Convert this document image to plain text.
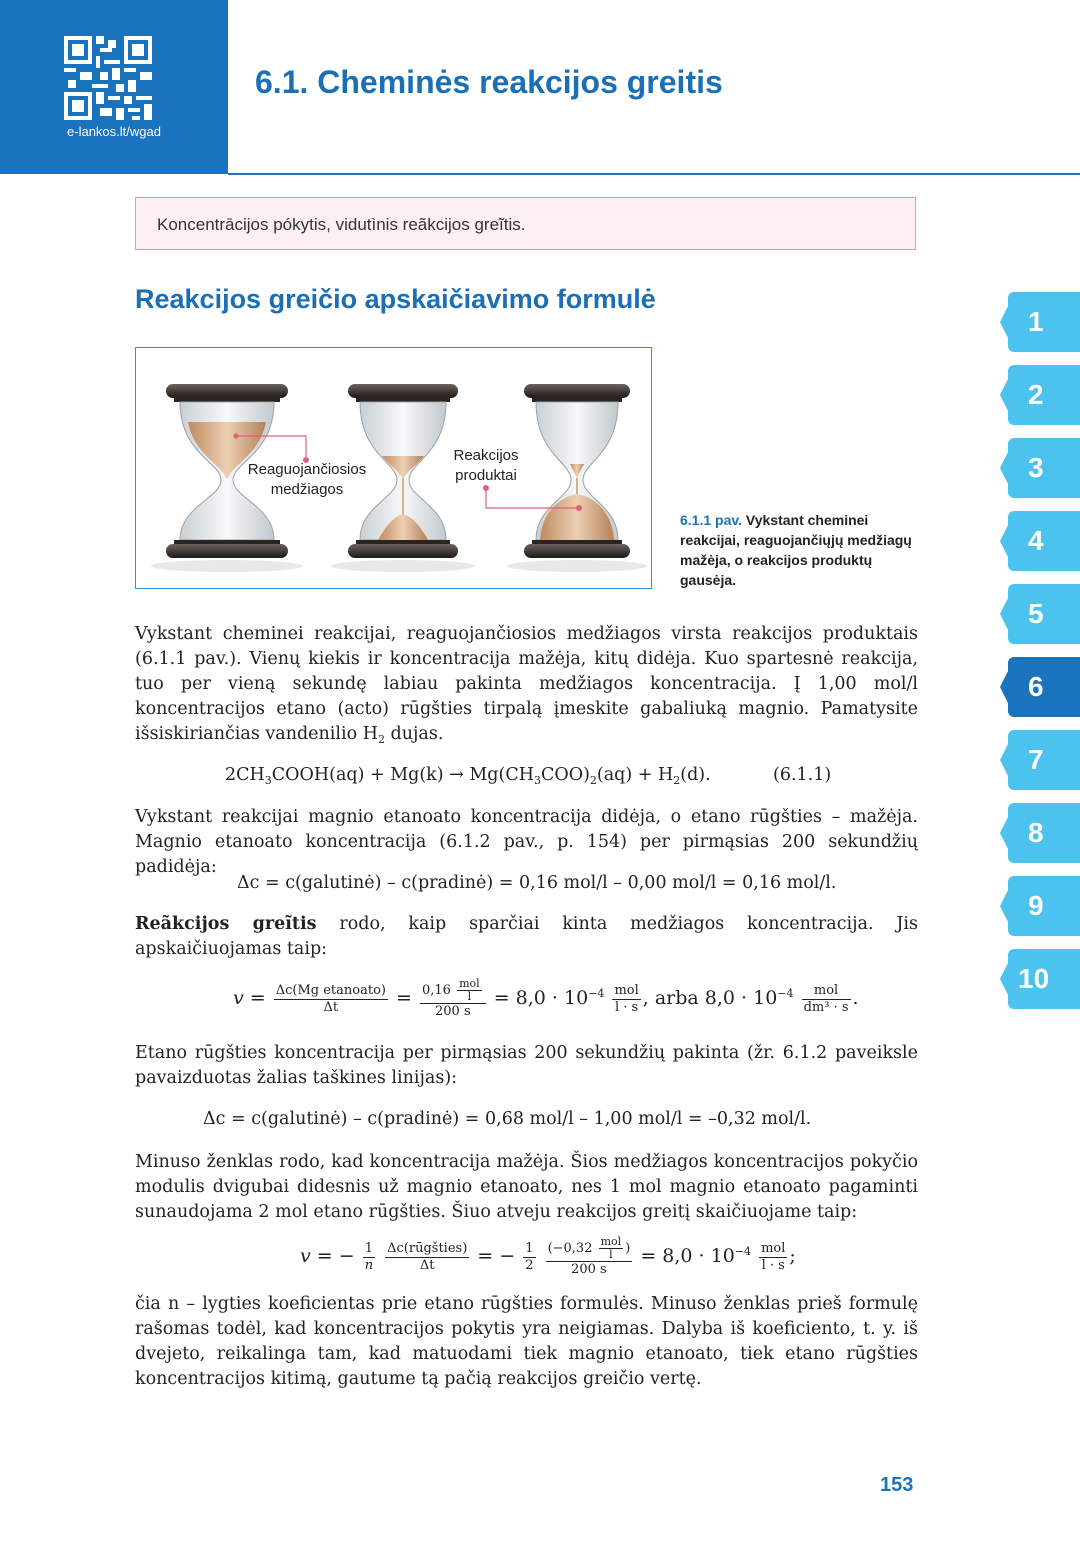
e-lankos.lt/wgad
6.1. Cheminės reakcijos greitis
Koncentrācijos pókytis, vidutìnis reãkcijos greĩtis.
Reakcijos greičio apskaičiavimo formulė
Reaguojančiosios
medžiagos
Reakcijos
produktai
6.1.1 pav. Vykstant cheminei reakcijai, reaguojančiųjų medžiagų mažėja, o reakcijos produktų gausėja.

Vykstant cheminei reakcijai, reaguojančiosios medžiagos virsta reakcijos produktais (6.1.1 pav.). Vienų kiekis ir koncentracija mažėja, kitų didėja. Kuo spartesnė reakcija, tuo per vieną sekundę labiau pakinta medžiagos koncentracija. Į 1,00 mol/l koncentracijos etano (acto) rūgšties tirpalą įmeskite gabaliuką magnio. Pamatysite išsiskiriančias vandenilio $H_2$ dujas.

$2CH_3COOH(aq) + Mg(k) \to Mg(CH_3COO)_2(aq) + H_2(d)$.	(6.1.1)

Vykstant reakcijai magnio etanoato koncentracija didėja, o etano rūgšties – mažėja. Magnio etanoato koncentracija (6.1.2 pav., p. 154) per pirmąsias 200 sekundžių padidėja:

Δc = c(galutinė) – c(pradinė) = 0,16 mol/l – 0,00 mol/l = 0,16 mol/l.

Reãkcijos greĩtis rodo, kaip sparčiai kinta medžiagos koncentracija. Jis apskaičiuojamas taip:

$v = \frac{\text{Δc(Mg etanoato)}}{\Delta t} = \frac{0,16 \frac{\text{mol}}{l}}{200 s} = 8,0 \cdot 10^{-4} \frac{\text{mol}}{l \cdot s}$ , arba $8,0 \cdot 10^{-4} \frac{\text{mol}}{\text{dm³ · s}}$ .

Etano rūgšties koncentracija per pirmąsias 200 sekundžių pakinta (žr. 6.1.2 paveiksle pavaizduotas žalias taškines linijas):

Δc = c(galutinė) – c(pradinė) = 0,68 mol/l – 1,00 mol/l = –0,32 mol/l.

Minuso ženklas rodo, kad koncentracija mažėja. Šios medžiagos koncentracijos pokyčio modulis dvigubai didesnis už magnio etanoato, nes 1 mol magnio etanoato pagaminti sunaudojama 2 mol etano rūgšties. Šiuo atveju reakcijos greitį skaičiuojame taip:

v = − $\frac{1}{n}$
$\frac{\text{Δc(rūgšties)}}{\Delta t}$ = − $\frac{1}{2}$
$\frac{(-0,32 \frac{\text{mol}}{l} )}{200 s} = 8,0 \cdot 10^{-4} \frac{\text{mol}}{l \cdot s}$ ;

čia n – lygties koeficientas prie etano rūgšties formulės. Minuso ženklas prieš formulę rašomas todėl, kad koncentracijos pokytis yra neigiamas. Dalyba iš koeficiento, t. y. iš dvejeto, reikalinga tam, kad matuodami tiek magnio etanoato, tiek etano rūgšties koncentracijos kitimą, gautume tą pačią reakcijos greičio vertę.

1
2
3
4
5
6
7
8
9
10
153
